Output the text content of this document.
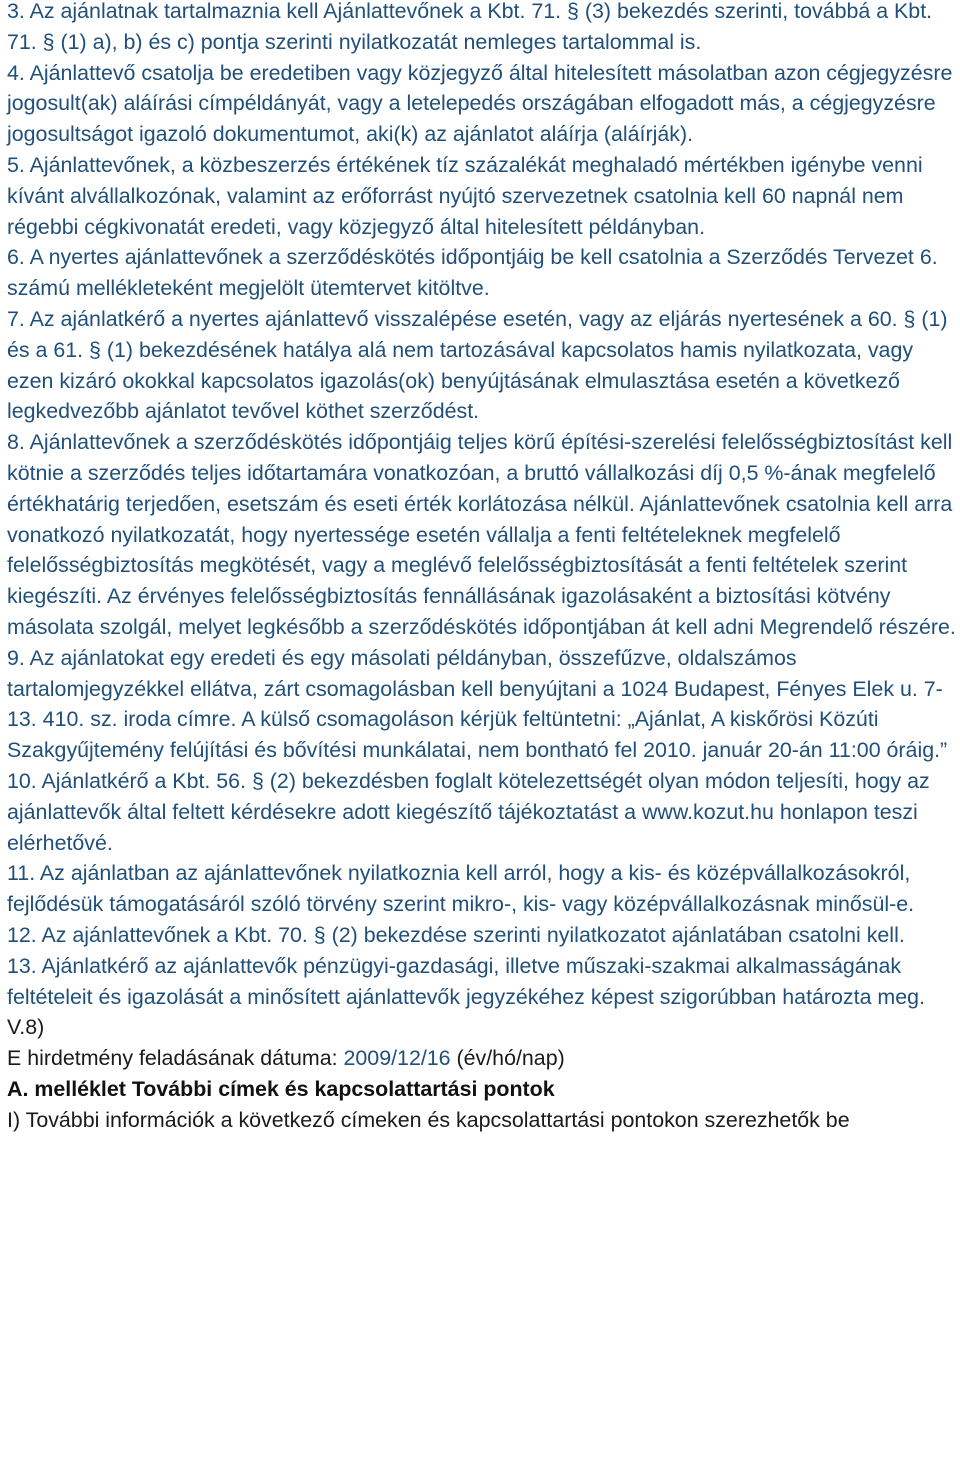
3. Az ajánlatnak tartalmaznia kell Ajánlattevőnek a Kbt. 71. § (3) bekezdés szerinti, továbbá a Kbt. 71. § (1) a), b) és c) pontja szerinti nyilatkozatát nemleges tartalommal is.

4. Ajánlattevő csatolja be eredetiben vagy közjegyző által hitelesített másolatban azon cégjegyzésre jogosult(ak) aláírási címpéldányát, vagy a letelepedés országában elfogadott más, a cégjegyzésre jogosultságot igazoló dokumentumot, aki(k) az ajánlatot aláírja (aláírják).

5. Ajánlattevőnek, a közbeszerzés értékének tíz százalékát meghaladó mértékben igénybe venni kívánt alvállalkozónak, valamint az erőforrást nyújtó szervezetnek csatolnia kell 60 napnál nem régebbi cégkivonatát eredeti, vagy közjegyző által hitelesített példányban.

6. A nyertes ajánlattevőnek a szerződéskötés időpontjáig be kell csatolnia a Szerződés Tervezet 6. számú mellékleteként megjelölt ütemtervet kitöltve.

7. Az ajánlatkérő a nyertes ajánlattevő visszalépése esetén, vagy az eljárás nyertesének a 60. § (1) és a 61. § (1) bekezdésének hatálya alá nem tartozásával kapcsolatos hamis nyilatkozata, vagy ezen kizáró okokkal kapcsolatos igazolás(ok) benyújtásának elmulasztása esetén a következő legkedvezőbb ajánlatot tevővel köthet szerződést.

8. Ajánlattevőnek a szerződéskötés időpontjáig teljes körű építési-szerelési felelősségbiztosítást kell kötnie a szerződés teljes időtartamára vonatkozóan, a bruttó vállalkozási díj 0,5 %-ának megfelelő értékhatárig terjedően, esetszám és eseti érték korlátozása nélkül. Ajánlattevőnek csatolnia kell arra vonatkozó nyilatkozatát, hogy nyertessége esetén vállalja a fenti feltételeknek megfelelő felelősségbiztosítás megkötését, vagy a meglévő felelősségbiztosítását a fenti feltételek szerint kiegészíti. Az érvényes felelősségbiztosítás fennállásának igazolásaként a biztosítási kötvény másolata szolgál, melyet legkésőbb a szerződéskötés időpontjában át kell adni Megrendelő részére.

9. Az ajánlatokat egy eredeti és egy másolati példányban, összefűzve, oldalszámos tartalomjegyzékkel ellátva, zárt csomagolásban kell benyújtani a 1024 Budapest, Fényes Elek u. 7-13. 410. sz. iroda címre. A külső csomagoláson kérjük feltüntetni: „Ajánlat, A kiskőrösi Közúti Szakgyűjtemény felújítási és bővítési munkálatai, nem bontható fel 2010. január 20-án 11:00 óráig.”

10. Ajánlatkérő a Kbt. 56. § (2) bekezdésben foglalt kötelezettségét olyan módon teljesíti, hogy az ajánlattevők által feltett kérdésekre adott kiegészítő tájékoztatást a www.kozut.hu honlapon teszi elérhetővé.

11. Az ajánlatban az ajánlattevőnek nyilatkoznia kell arról, hogy a kis- és középvállalkozásokról, fejlődésük támogatásáról szóló törvény szerint mikro-, kis- vagy középvállalkozásnak minősül-e.

12. Az ajánlattevőnek a Kbt. 70. § (2) bekezdése szerinti nyilatkozatot ajánlatában csatolni kell.

13. Ajánlatkérő az ajánlattevők pénzügyi-gazdasági, illetve műszaki-szakmai alkalmasságának feltételeit és igazolását a minősített ajánlattevők jegyzékéhez képest szigorúbban határozta meg.

V.8)

E hirdetmény feladásának dátuma: 2009/12/16 (év/hó/nap)

A. melléklet További címek és kapcsolattartási pontok

I) További információk a következő címeken és kapcsolattartási pontokon szerezhetők be
